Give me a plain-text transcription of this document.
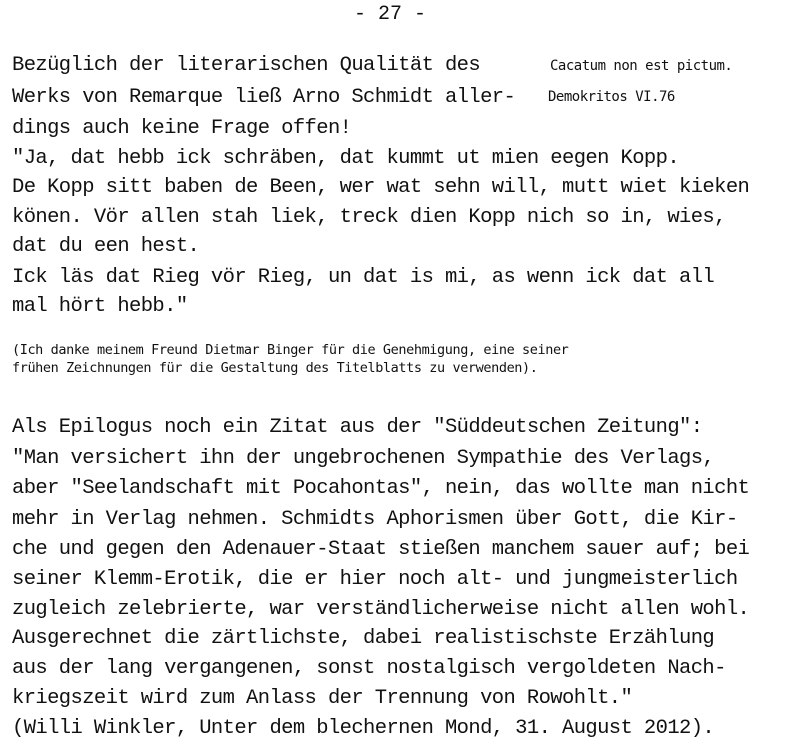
- 27 -
Cacatum non est pictum.
Demokritos VI.76
Bezüglich der literarischen Qualität des
Werks von Remarque ließ Arno Schmidt aller-
dings auch keine Frage offen!
"Ja, dat hebb ick schräben, dat kummt ut mien eegen Kopp.
De Kopp sitt baben de Been, wer wat sehn will, mutt wiet kieken
könen. Vör allen stah liek, treck dien Kopp nich so in, wies,
dat du een hest.
Ick läs dat Rieg vör Rieg, un dat is mi, as wenn ick dat all
mal hört hebb."
(Ich danke meinem Freund Dietmar Binger für die Genehmigung, eine seiner
frühen Zeichnungen für die Gestaltung des Titelblatts zu verwenden).
Als Epilogus noch ein Zitat aus der "Süddeutschen Zeitung":
"Man versichert ihn der ungebrochenen Sympathie des Verlags,
aber "Seelandschaft mit Pocahontas", nein, das wollte man nicht
mehr in Verlag nehmen. Schmidts Aphorismen über Gott, die Kir-
che und gegen den Adenauer-Staat stießen manchem sauer auf; bei
seiner Klemm-Erotik, die er hier noch alt- und jungmeisterlich
zugleich zelebrierte, war verständlicherweise nicht allen wohl.
Ausgerechnet die zärtlichste, dabei realistischste Erzählung
aus der lang vergangenen, sonst nostalgisch vergoldeten Nach-
kriegszeit wird zum Anlass der Trennung von Rowohlt."
(Willi Winkler, Unter dem blechernen Mond, 31. August 2012).
